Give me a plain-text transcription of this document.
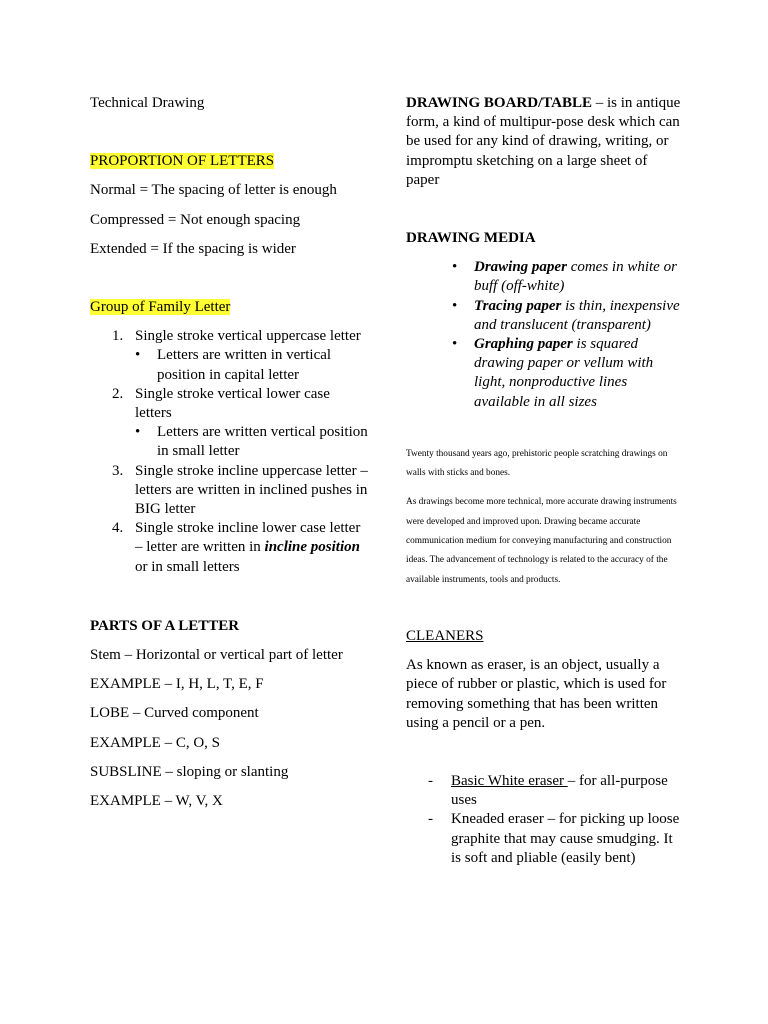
Technical Drawing

PROPORTION OF LETTERS

Normal = The spacing of letter is enough

Compressed = Not enough spacing

Extended = If the spacing is wider

Group of Family Letter

1. Single stroke vertical uppercase letter
• Letters are written in vertical position in capital letter
2. Single stroke vertical lower case letters
• Letters are written vertical position in small letter
3. Single stroke incline uppercase letter – letters are written in inclined pushes in BIG letter
4. Single stroke incline lower case letter – letter are written in incline position or in small letters

PARTS OF A LETTER

Stem – Horizontal or vertical part of letter

EXAMPLE – I, H, L, T, E, F

LOBE – Curved component

EXAMPLE – C, O, S

SUBSLINE – sloping or slanting

EXAMPLE – W, V, X

DRAWING BOARD/TABLE – is in antique form, a kind of multipur-pose desk which can be used for any kind of drawing, writing, or impromptu sketching on a large sheet of paper

DRAWING MEDIA

• Drawing paper comes in white or buff (off-white)
• Tracing paper is thin, inexpensive and translucent (transparent)
• Graphing paper is squared drawing paper or vellum with light, nonproductive lines available in all sizes

Twenty thousand years ago, prehistoric people scratching drawings on walls with sticks and bones.

As drawings become more technical, more accurate drawing instruments were developed and improved upon. Drawing became accurate communication medium for conveying manufacturing and construction ideas. The advancement of technology is related to the accuracy of the available instruments, tools and products.

CLEANERS

As known as eraser, is an object, usually a piece of rubber or plastic, which is used for removing something that has been written using a pencil or a pen.

- Basic White eraser – for all-purpose uses
- Kneaded eraser – for picking up loose graphite that may cause smudging. It is soft and pliable (easily bent)
